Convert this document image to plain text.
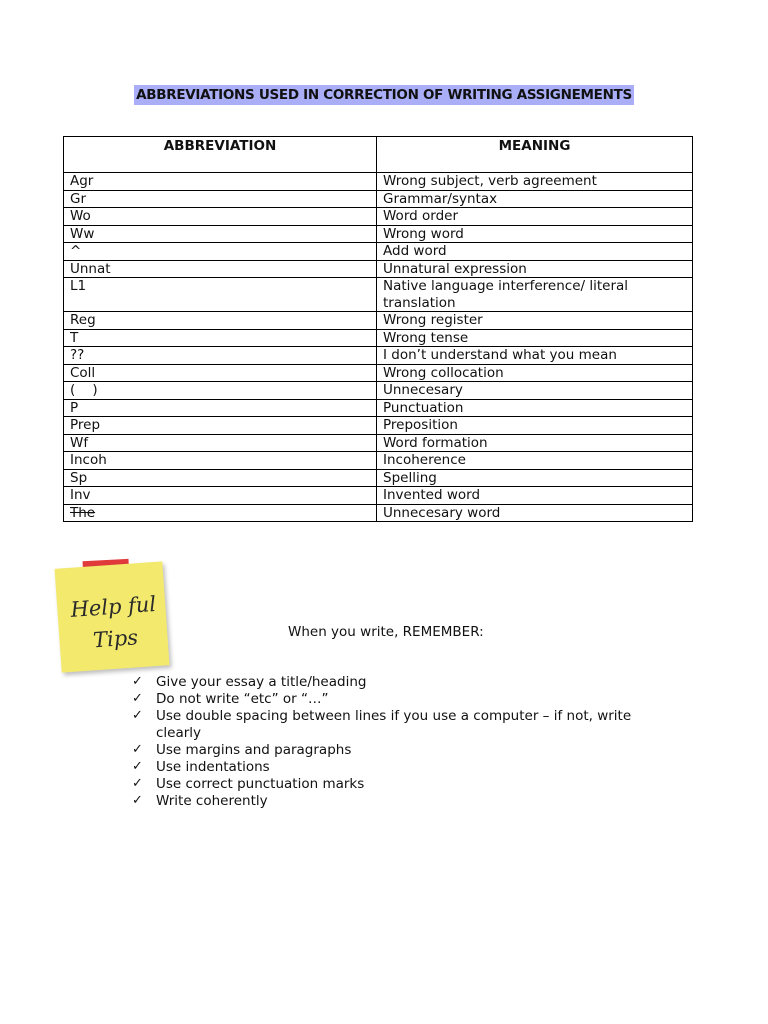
ABBREVIATIONS USED IN CORRECTION OF WRITING ASSIGNEMENTS
ABBREVIATION	MEANING
Agr	Wrong subject, verb agreement
Gr	Grammar/syntax
Wo	Word order
Ww	Wrong word
^	Add word
Unnat	Unnatural expression
L1	Native language interference/ literal translation
Reg	Wrong register
T	Wrong tense
??	I don’t understand what you mean
Coll	Wrong collocation
(    )	Unnecesary
P	Punctuation
Prep	Preposition
Wf	Word formation
Incoh	Incoherence
Sp	Spelling
Inv	Invented word
The	Unnecesary word
Help ful
Tips	When you write, REMEMBER:
✓ Give your essay a title/heading
✓ Do not write “etc” or “…”
✓ Use double spacing between lines if you use a computer – if not, write clearly
✓ Use margins and paragraphs
✓ Use indentations
✓ Use correct punctuation marks
✓ Write coherently
